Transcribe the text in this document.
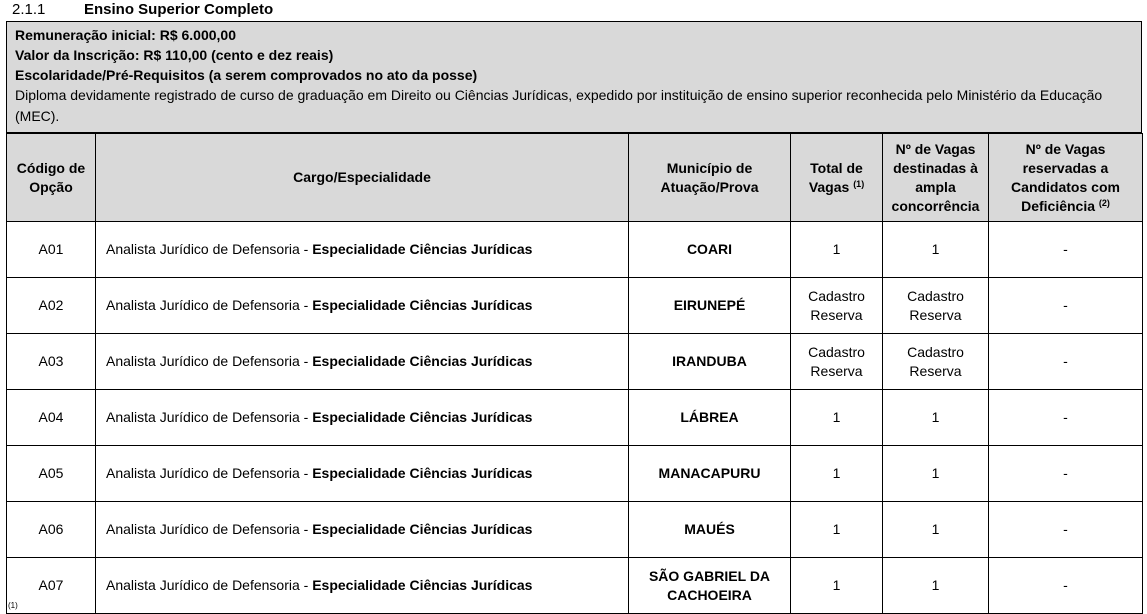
2.1.1	Ensino Superior Completo
Remuneração inicial: R$ 6.000,00
Valor da Inscrição: R$ 110,00 (cento e dez reais)
Escolaridade/Pré-Requisitos (a serem comprovados no ato da posse)
Diploma devidamente registrado de curso de graduação em Direito ou Ciências Jurídicas, expedido por instituição de ensino superior reconhecida pelo Ministério da Educação (MEC).
Código de Opção	Cargo/Especialidade	Município de Atuação/Prova	Total de Vagas $^{(1)}$	Nº de Vagas destinadas à ampla concorrência	Nº de Vagas reservadas a Candidatos com Deficiência $^{(2)}$
A01	Analista Jurídico de Defensoria - Especialidade Ciências Jurídicas	COARI	1	1	-
A02	Analista Jurídico de Defensoria - Especialidade Ciências Jurídicas	EIRUNEPÉ	Cadastro Reserva	Cadastro Reserva	-
A03	Analista Jurídico de Defensoria - Especialidade Ciências Jurídicas	IRANDUBA	Cadastro Reserva	Cadastro Reserva	-
A04	Analista Jurídico de Defensoria - Especialidade Ciências Jurídicas	LÁBREA	1	1	-
A05	Analista Jurídico de Defensoria - Especialidade Ciências Jurídicas	MANACAPURU	1	1	-
A06	Analista Jurídico de Defensoria - Especialidade Ciências Jurídicas	MAUÉS	1	1	-
A07	Analista Jurídico de Defensoria - Especialidade Ciências Jurídicas	SÃO GABRIEL DA CACHOEIRA	1	1	-
(1)
